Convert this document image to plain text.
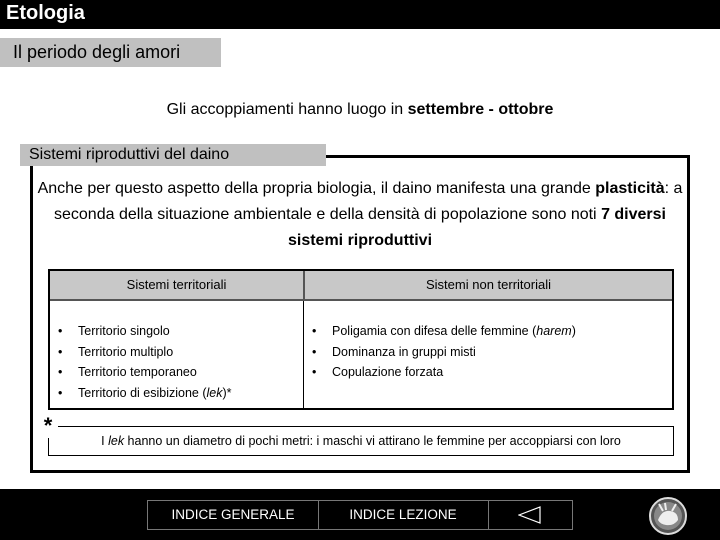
Etologia
Il periodo degli amori
Gli accoppiamenti hanno luogo in settembre - ottobre
Sistemi riproduttivi del daino
Anche per questo aspetto della propria biologia, il daino manifesta una grande plasticità: a seconda della situazione ambientale e della densità di popolazione sono noti 7 diversi sistemi riproduttivi
Sistemi territoriali	Sistemi non territoriali
• Territorio singolo
• Territorio multiplo
• Territorio temporaneo
• Territorio di esibizione (lek)*
• Poligamia con difesa delle femmine (harem)
• Dominanza in gruppi misti
• Copulazione forzata
I lek hanno un diametro di pochi metri: i maschi vi attirano le femmine per accoppiarsi con loro
*
INDICE GENERALE	INDICE LEZIONE
